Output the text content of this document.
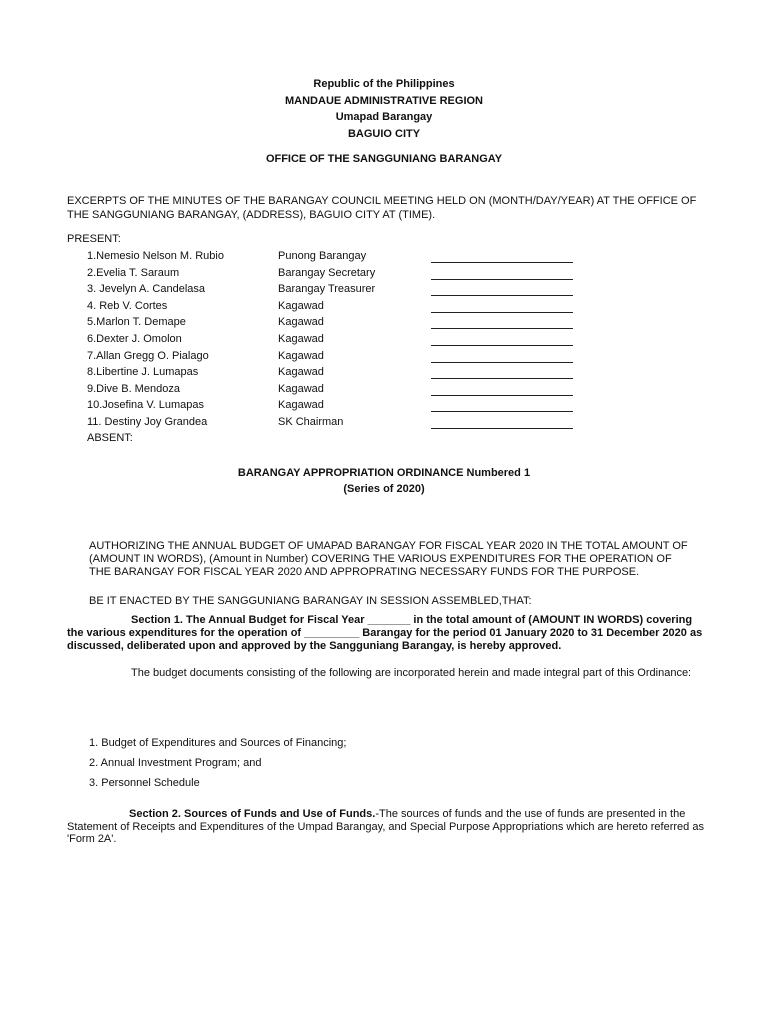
Republic of the Philippines
MANDAUE ADMINISTRATIVE REGION
Umapad Barangay
BAGUIO CITY
OFFICE OF THE SANGGUNIANG BARANGAY
EXCERPTS OF THE MINUTES OF THE BARANGAY COUNCIL MEETING HELD ON (MONTH/DAY/YEAR) AT THE OFFICE OF THE SANGGUNIANG BARANGAY, (ADDRESS), BAGUIO CITY AT (TIME).
PRESENT:
1.Nemesio Nelson M. Rubio	Punong Barangay
2.Evelia T. Saraum	Barangay Secretary
3. Jevelyn A. Candelasa	Barangay Treasurer
4. Reb V. Cortes	Kagawad
5.Marlon T. Demape	Kagawad
6.Dexter J. Omolon	Kagawad
7.Allan Gregg O. Pialago	Kagawad
8.Libertine J. Lumapas	Kagawad
9.Dive B. Mendoza	Kagawad
10.Josefina V. Lumapas	Kagawad
11. Destiny Joy Grandea	SK Chairman
ABSENT:
BARANGAY APPROPRIATION ORDINANCE Numbered 1
(Series of 2020)
AUTHORIZING THE ANNUAL BUDGET OF UMAPAD BARANGAY FOR FISCAL YEAR 2020 IN THE TOTAL AMOUNT OF (AMOUNT IN WORDS), (Amount in Number) COVERING THE VARIOUS EXPENDITURES FOR THE OPERATION OF THE BARANGAY FOR FISCAL YEAR 2020 AND APPROPRATING NECESSARY FUNDS FOR THE PURPOSE.
BE IT ENACTED BY THE SANGGUNIANG BARANGAY IN SESSION ASSEMBLED,THAT:
Section 1. The Annual Budget for Fiscal Year _______ in the total amount of (AMOUNT IN WORDS) covering the various expenditures for the operation of _________ Barangay for the period 01 January 2020 to 31 December 2020 as discussed, deliberated upon and approved by the Sangguniang Barangay, is hereby approved.
The budget documents consisting of the following are incorporated herein and made integral part of this Ordinance:
1. Budget of Expenditures and Sources of Financing;
2. Annual Investment Program; and
3. Personnel Schedule
Section 2. Sources of Funds and Use of Funds.-The sources of funds and the use of funds are presented in the Statement of Receipts and Expenditures of the Umpad Barangay, and Special Purpose Appropriations which are hereto referred as 'Form 2A'.
